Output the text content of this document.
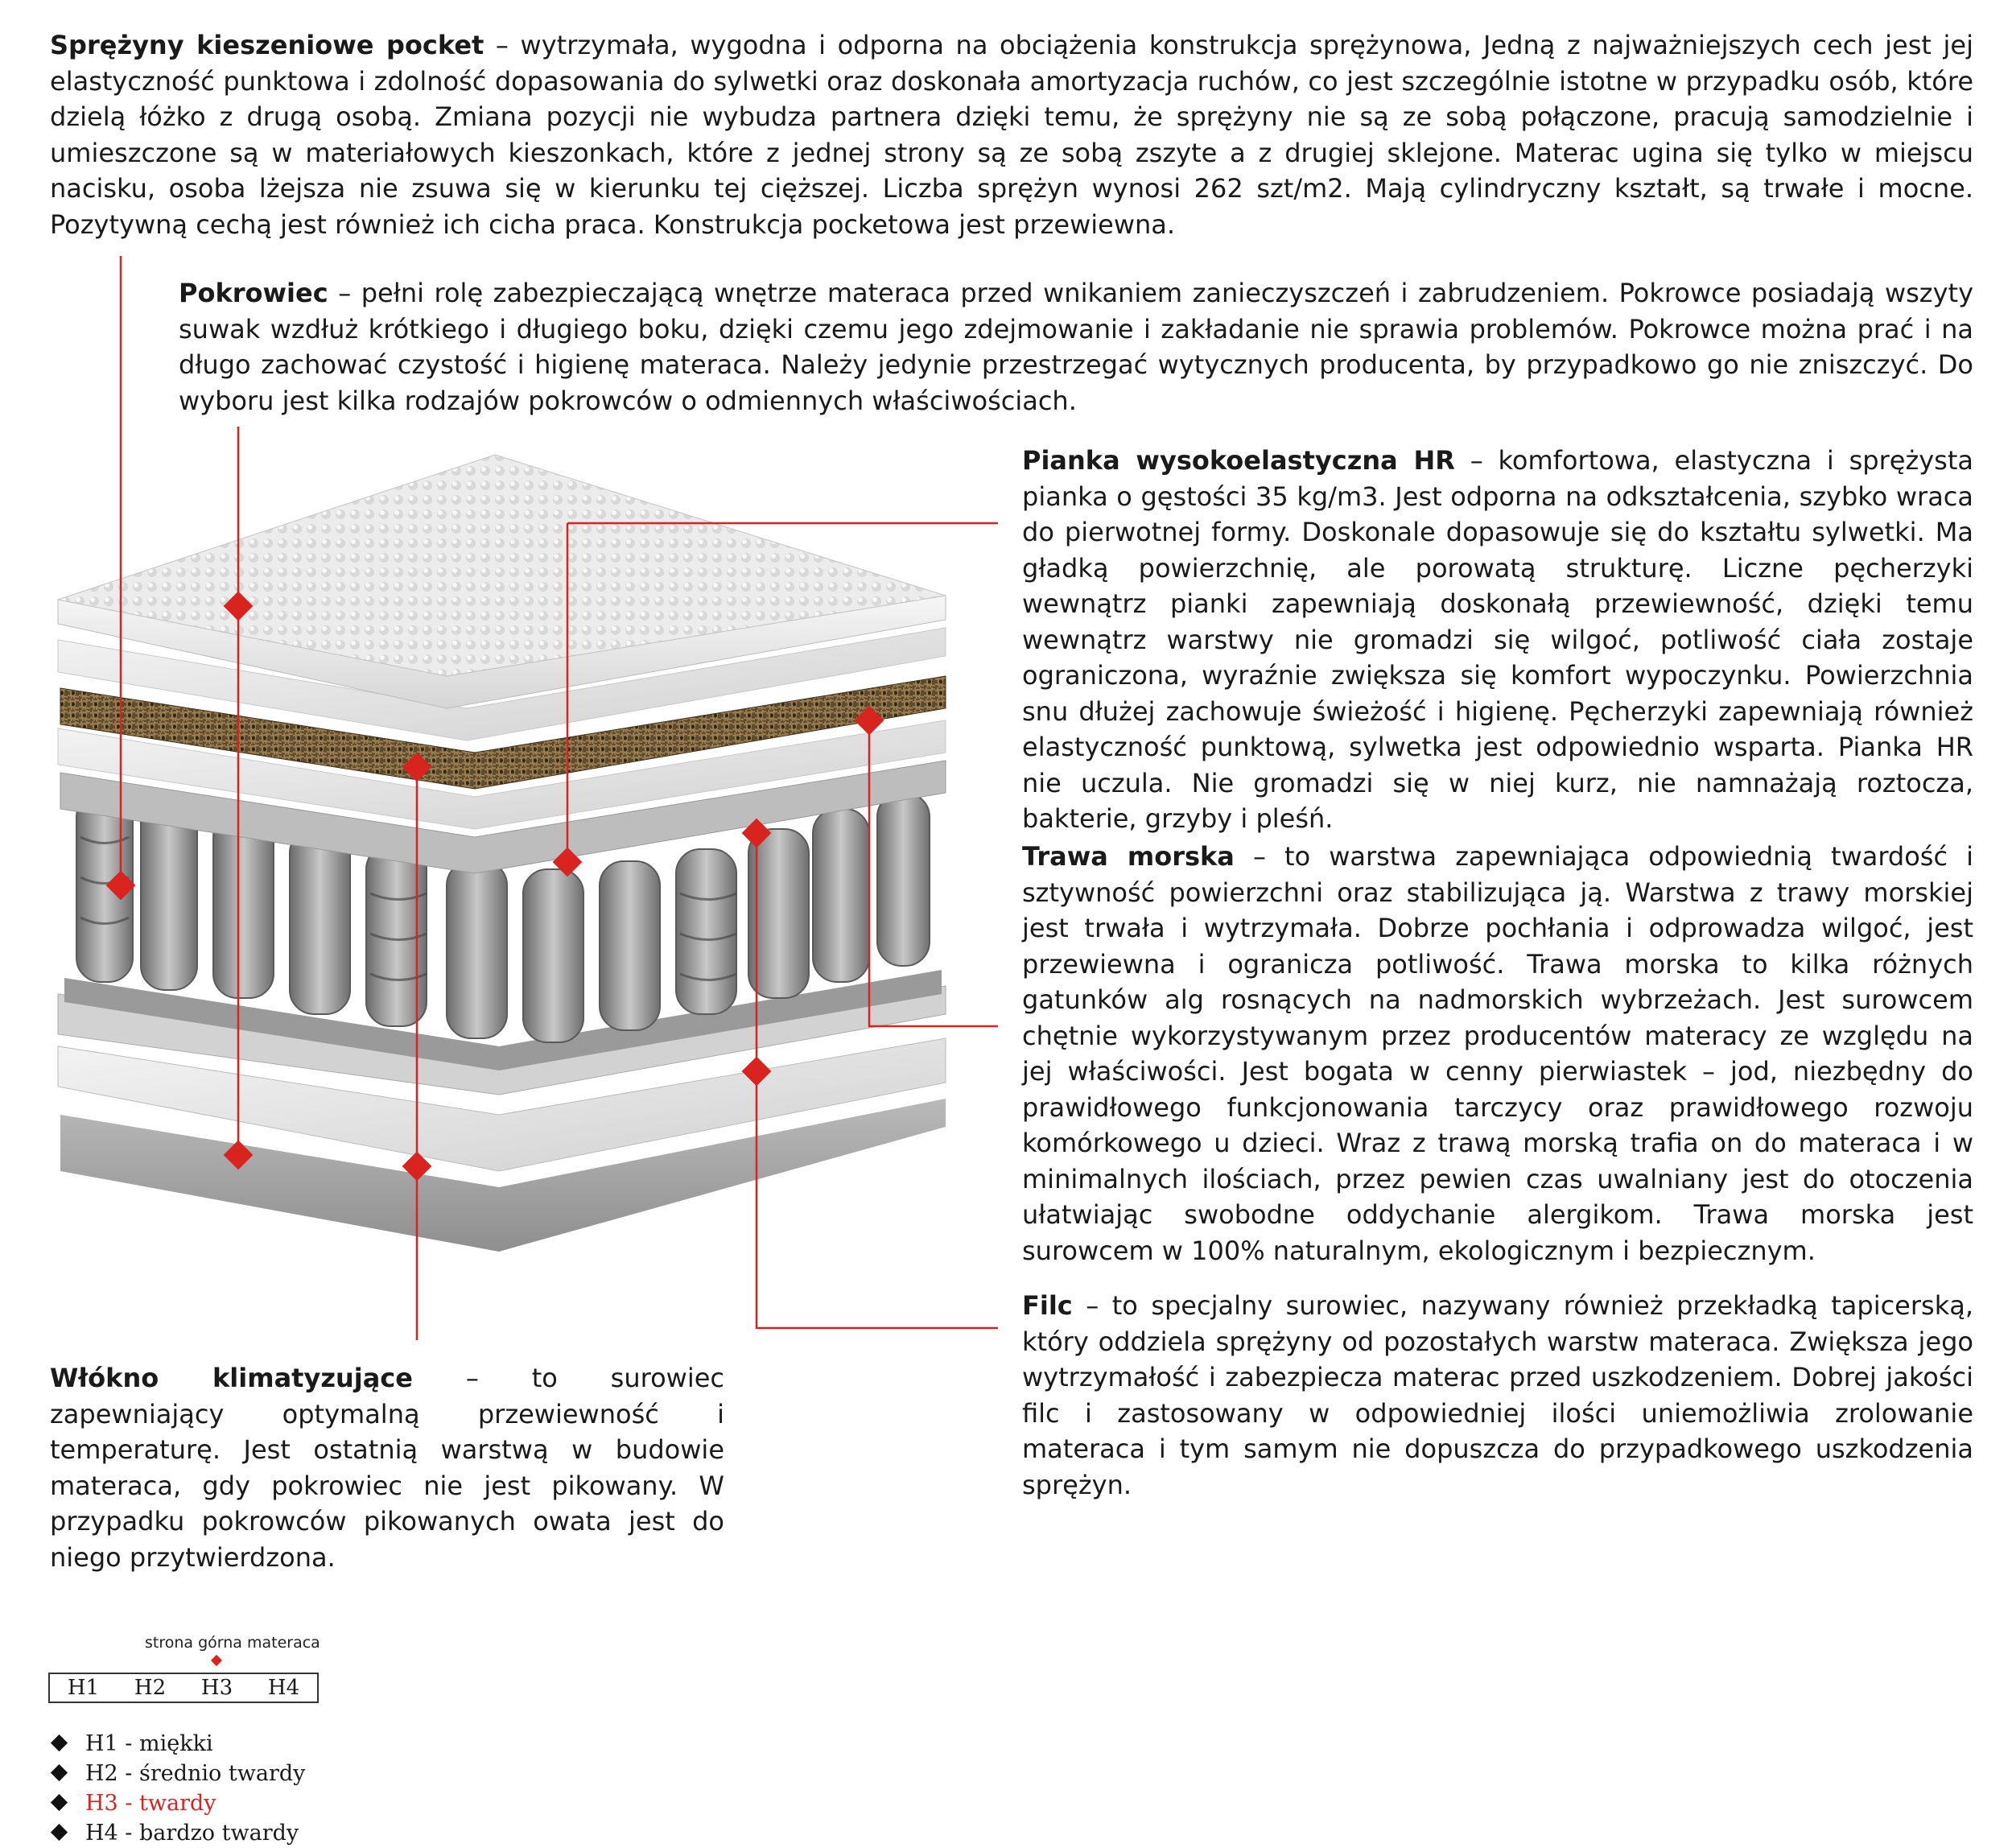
Sprężyny kieszeniowe pocket – wytrzymała, wygodna i odporna na obciążenia konstrukcja sprężynowa, Jedną z najważniejszych cech jest jej elastyczność punktowa i zdolność dopasowania do sylwetki oraz doskonała amortyzacja ruchów, co jest szczególnie istotne w przypadku osób, które dzielą łóżko z drugą osobą. Zmiana pozycji nie wybudza partnera dzięki temu, że sprężyny nie są ze sobą połączone, pracują samodzielnie i umieszczone są w materiałowych kieszonkach, które z jednej strony są ze sobą zszyte a z drugiej sklejone. Materac ugina się tylko w miejscu nacisku, osoba lżejsza nie zsuwa się w kierunku tej cięższej. Liczba sprężyn wynosi 262 szt/m2. Mają cylindryczny kształt, są trwałe i mocne. Pozytywną cechą jest również ich cicha praca. Konstrukcja pocketowa jest przewiewna.

Pokrowiec – pełni rolę zabezpieczającą wnętrze materaca przed wnikaniem zanieczyszczeń i zabrudzeniem. Pokrowce posiadają wszyty suwak wzdłuż krótkiego i długiego boku, dzięki czemu jego zdejmowanie i zakładanie nie sprawia problemów. Pokrowce można prać i na długo zachować czystość i higienę materaca. Należy jedynie przestrzegać wytycznych producenta, by przypadkowo go nie zniszczyć. Do wyboru jest kilka rodzajów pokrowców o odmiennych właściwościach.

Pianka wysokoelastyczna HR – komfortowa, elastyczna i sprężysta pianka o gęstości 35 kg/m3. Jest odporna na odkształcenia, szybko wraca do pierwotnej formy. Doskonale dopasowuje się do kształtu sylwetki. Ma gładką powierzchnię, ale porowatą strukturę. Liczne pęcherzyki wewnątrz pianki zapewniają doskonałą przewiewność, dzięki temu wewnątrz warstwy nie gromadzi się wilgoć, potliwość ciała zostaje ograniczona, wyraźnie zwiększa się komfort wypoczynku. Powierzchnia snu dłużej zachowuje świeżość i higienę. Pęcherzyki zapewniają również elastyczność punktową, sylwetka jest odpowiednio wsparta. Pianka HR nie uczula. Nie gromadzi się w niej kurz, nie namnażają roztocza, bakterie, grzyby i pleśń.

Trawa morska – to warstwa zapewniająca odpowiednią twardość i sztywność powierzchni oraz stabilizująca ją. Warstwa z trawy morskiej jest trwała i wytrzymała. Dobrze pochłania i odprowadza wilgoć, jest przewiewna i ogranicza potliwość. Trawa morska to kilka różnych gatunków alg rosnących na nadmorskich wybrzeżach. Jest surowcem chętnie wykorzystywanym przez producentów materacy ze względu na jej właściwości. Jest bogata w cenny pierwiastek – jod, niezbędny do prawidłowego funkcjonowania tarczycy oraz prawidłowego rozwoju komórkowego u dzieci. Wraz z trawą morską trafia on do materaca i w minimalnych ilościach, przez pewien czas uwalniany jest do otoczenia ułatwiając swobodne oddychanie alergikom. Trawa morska jest surowcem w 100% naturalnym, ekologicznym i bezpiecznym.

Filc – to specjalny surowiec, nazywany również przekładką tapicerską, który oddziela sprężyny od pozostałych warstw materaca. Zwiększa jego wytrzymałość i zabezpiecza materac przed uszkodzeniem. Dobrej jakości filc i zastosowany w odpowiedniej ilości uniemożliwia zrolowanie materaca i tym samym nie dopuszcza do przypadkowego uszkodzenia sprężyn.

Włókno klimatyzujące – to surowiec zapewniający optymalną przewiewność i temperaturę. Jest ostatnią warstwą w budowie materaca, gdy pokrowiec nie jest pikowany. W przypadku pokrowców pikowanych owata jest do niego przytwierdzona.

strona górna materaca
H1 H2 H3 H4
H1 - miękki
H2 - średnio twardy
H3 - twardy
H4 - bardzo twardy
